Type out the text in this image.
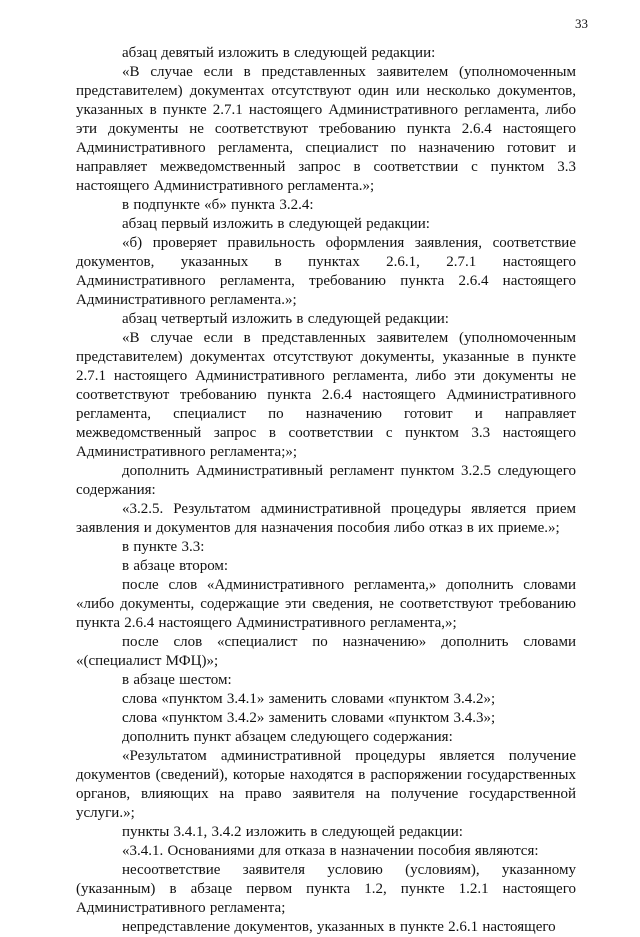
33

абзац девятый изложить в следующей редакции:

«В случае если в представленных заявителем (уполномоченным представителем) документах отсутствуют один или несколько документов, указанных в пункте 2.7.1 настоящего Административного регламента, либо эти документы не соответствуют требованию пункта 2.6.4 настоящего Административного регламента, специалист по назначению готовит и направляет межведомственный запрос в соответствии с пунктом 3.3 настоящего Административного регламента.»;

в подпункте «б» пункта 3.2.4:

абзац первый изложить в следующей редакции:

«б) проверяет правильность оформления заявления, соответствие документов, указанных в пунктах 2.6.1, 2.7.1 настоящего Административного регламента, требованию пункта 2.6.4 настоящего Административного регламента.»;

абзац четвертый изложить в следующей редакции:

«В случае если в представленных заявителем (уполномоченным представителем) документах отсутствуют документы, указанные в пункте 2.7.1 настоящего Административного регламента, либо эти документы не соответствуют требованию пункта 2.6.4 настоящего Административного регламента, специалист по назначению готовит и направляет межведомственный запрос в соответствии с пунктом 3.3 настоящего Административного регламента;»;

дополнить Административный регламент пунктом 3.2.5 следующего содержания:

«3.2.5. Результатом административной процедуры является прием заявления и документов для назначения пособия либо отказ в их приеме.»;

в пункте 3.3:

в абзаце втором:

после слов «Административного регламента,» дополнить словами «либо документы, содержащие эти сведения, не соответствуют требованию пункта 2.6.4 настоящего Административного регламента,»;

после слов «специалист по назначению» дополнить словами «(специалист МФЦ)»;

в абзаце шестом:

слова «пунктом 3.4.1» заменить словами «пунктом 3.4.2»;

слова «пунктом 3.4.2» заменить словами «пунктом 3.4.3»;

дополнить пункт абзацем следующего содержания:

«Результатом административной процедуры является получение документов (сведений), которые находятся в распоряжении государственных органов, влияющих на право заявителя на получение государственной услуги.»;

пункты 3.4.1, 3.4.2 изложить в следующей редакции:

«3.4.1. Основаниями для отказа в назначении пособия являются:

несоответствие заявителя условию (условиям), указанному (указанным) в абзаце первом пункта 1.2, пункте 1.2.1 настоящего Административного регламента;

непредставление документов, указанных в пункте 2.6.1 настоящего
